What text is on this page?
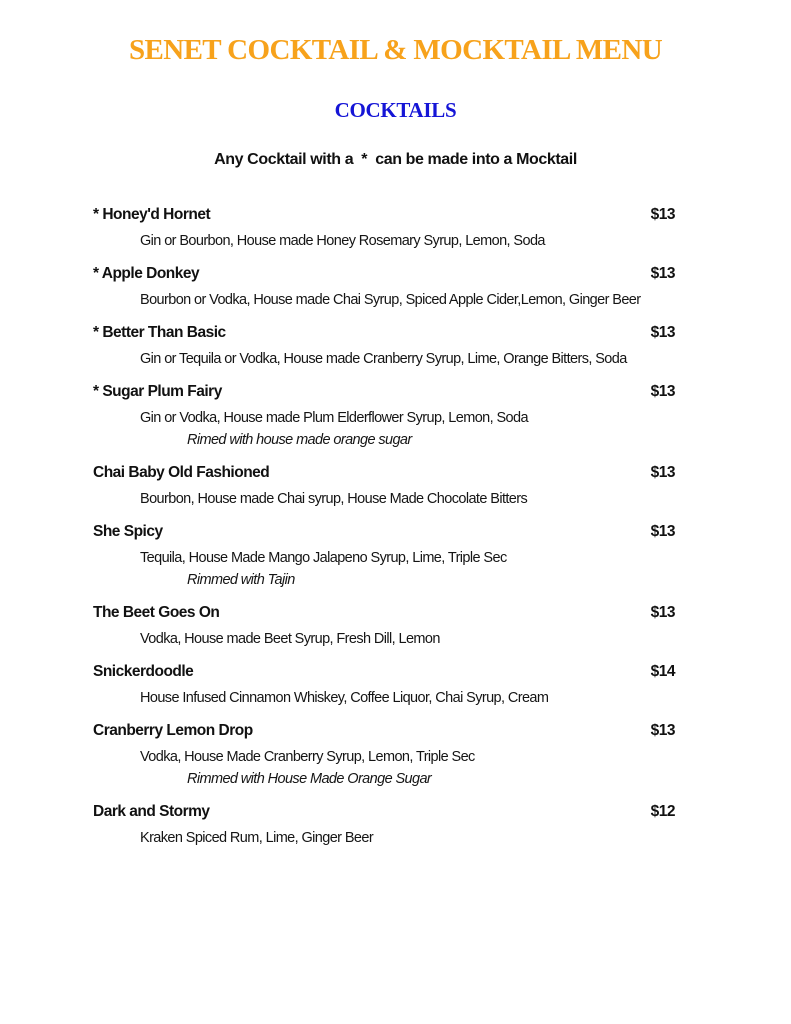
SENET COCKTAIL & MOCKTAIL MENU
COCKTAILS
Any Cocktail with a  *  can be made into a Mocktail
* Honey'd Hornet	$13
Gin or Bourbon, House made Honey Rosemary Syrup, Lemon, Soda
* Apple Donkey	$13
Bourbon or Vodka, House made Chai Syrup, Spiced Apple Cider,Lemon, Ginger Beer
* Better Than Basic	$13
Gin or Tequila or Vodka, House made Cranberry Syrup, Lime, Orange Bitters, Soda
* Sugar Plum Fairy	$13
Gin or Vodka, House made Plum Elderflower Syrup, Lemon, Soda
Rimed with house made orange sugar
Chai Baby Old Fashioned	$13
Bourbon, House made Chai syrup, House Made Chocolate Bitters
She Spicy	$13
Tequila, House Made Mango Jalapeno Syrup, Lime, Triple Sec
Rimmed with Tajin
The Beet Goes On	$13
Vodka, House made Beet Syrup, Fresh Dill, Lemon
Snickerdoodle	$14
House Infused Cinnamon Whiskey, Coffee Liquor, Chai Syrup, Cream
Cranberry Lemon Drop	$13
Vodka, House Made Cranberry Syrup, Lemon, Triple Sec
Rimmed with House Made Orange Sugar
Dark and Stormy	$12
Kraken Spiced Rum, Lime, Ginger Beer
